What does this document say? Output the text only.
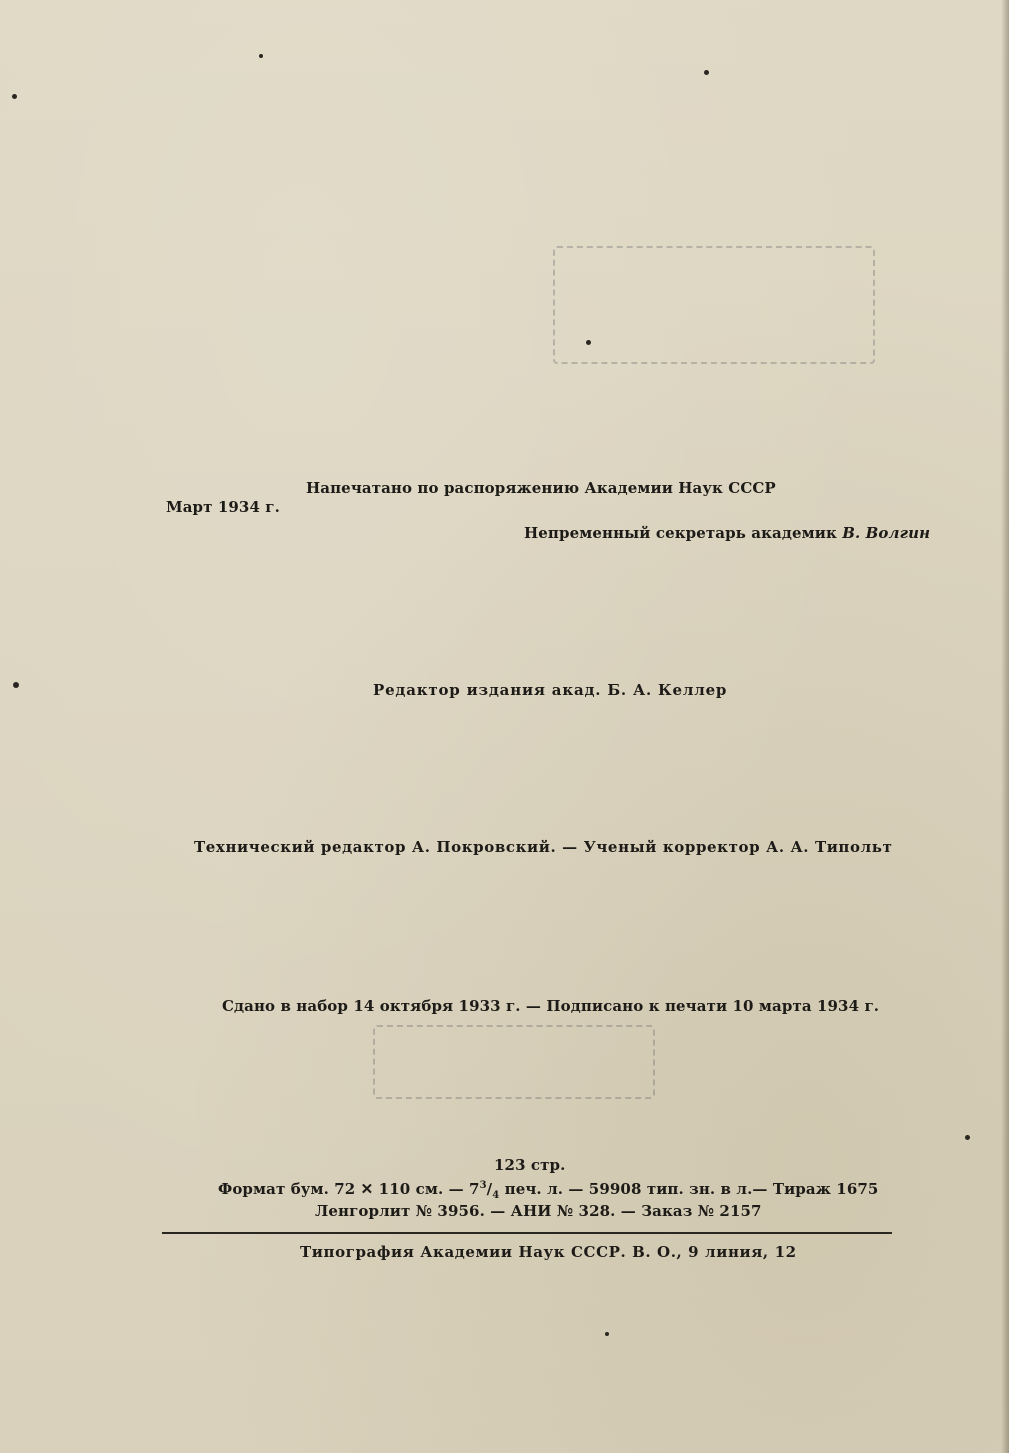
Напечатано по распоряжению Академии Наук СССР
Март 1934 г.
Непременный секретарь академик В. Волгин
Редактор издания акад. Б. А. Келлер
Технический редактор А. Покровский. — Ученый корректор А. А. Типольт
Сдано в набор 14 октября 1933 г. — Подписано к печати 10 марта 1934 г.
123 стр.
Формат бум. 72 ✕ 110 см. — $7^3/_4$ печ. л. — 59908 тип. зн. в л.— Тираж 1675
Ленгорлит № 3956. — АНИ № 328. — Заказ № 2157
Типография Академии Наук СССР. В. О., 9 линия, 12
